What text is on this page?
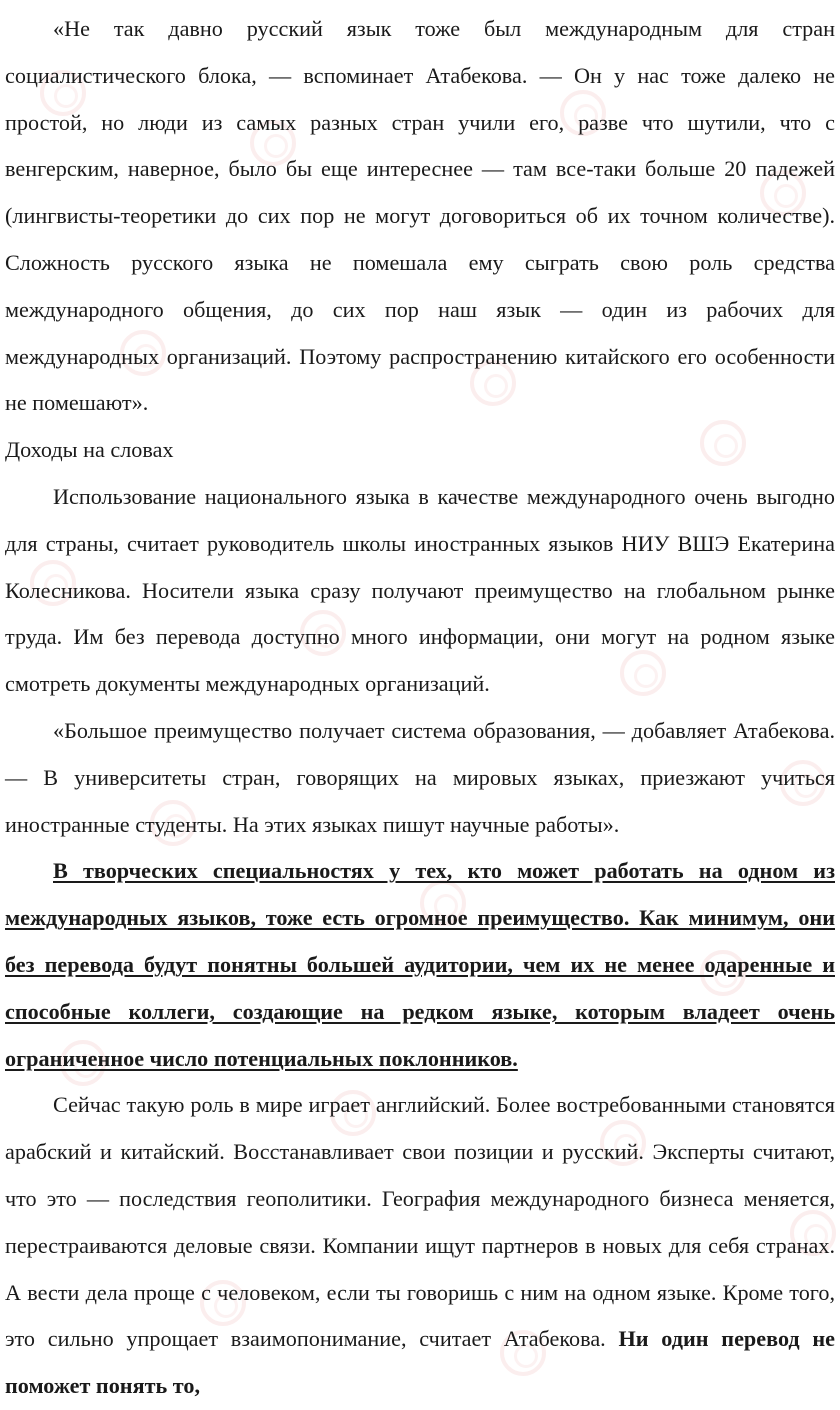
«Не так давно русский язык тоже был международным для стран социалистического блока, — вспоминает Атабекова. — Он у нас тоже далеко не простой, но люди из самых разных стран учили его, разве что шутили, что с венгерским, наверное, было бы еще интереснее — там все-таки больше 20 падежей (лингвисты-теоретики до сих пор не могут договориться об их точном количестве). Сложность русского языка не помешала ему сыграть свою роль средства международного общения, до сих пор наш язык — один из рабочих для международных организаций. Поэтому распространению китайского его особенности не помешают».

Доходы на словах

Использование национального языка в качестве международного очень выгодно для страны, считает руководитель школы иностранных языков НИУ ВШЭ Екатерина Колесникова. Носители языка сразу получают преимущество на глобальном рынке труда. Им без перевода доступно много информации, они могут на родном языке смотреть документы международных организаций.

«Большое преимущество получает система образования, — добавляет Атабекова. — В университеты стран, говорящих на мировых языках, приезжают учиться иностранные студенты. На этих языках пишут научные работы».

В творческих специальностях у тех, кто может работать на одном из международных языков, тоже есть огромное преимущество. Как минимум, они без перевода будут понятны большей аудитории, чем их не менее одаренные и способные коллеги, создающие на редком языке, которым владеет очень ограниченное число потенциальных поклонников.

Сейчас такую роль в мире играет английский. Более востребованными становятся арабский и китайский. Восстанавливает свои позиции и русский. Эксперты считают, что это — последствия геополитики. География международного бизнеса меняется, перестраиваются деловые связи. Компании ищут партнеров в новых для себя странах. А вести дела проще с человеком, если ты говоришь с ним на одном языке. Кроме того, это сильно упрощает взаимопонимание, считает Атабекова. Ни один перевод не поможет понять то,
